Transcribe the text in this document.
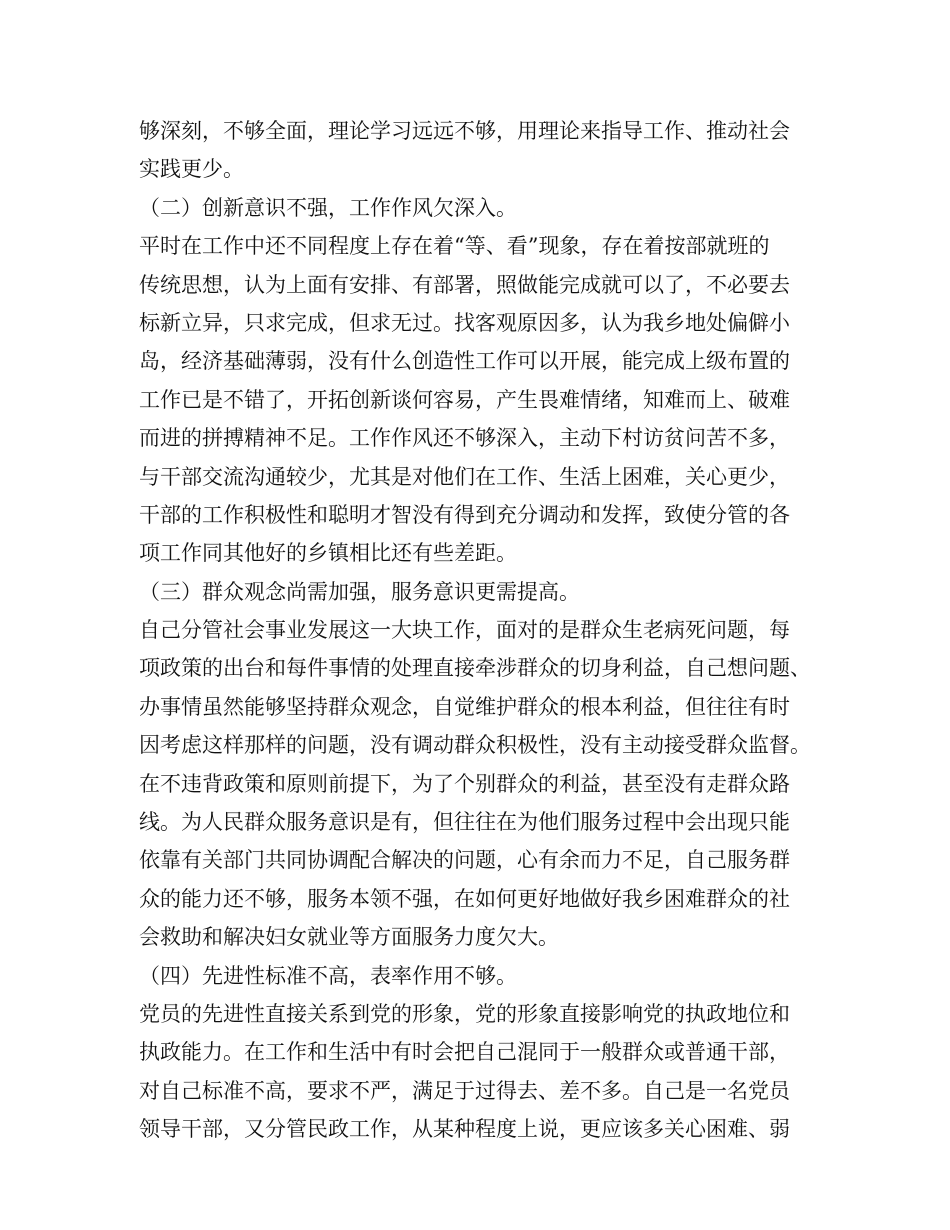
够深刻，不够全面，理论学习远远不够，用理论来指导工作、推动社会
实践更少。
（二）创新意识不强，工作作风欠深入。
平时在工作中还不同程度上存在着“等、看”现象，存在着按部就班的
传统思想，认为上面有安排、有部署，照做能完成就可以了，不必要去
标新立异，只求完成，但求无过。找客观原因多，认为我乡地处偏僻小
岛，经济基础薄弱，没有什么创造性工作可以开展，能完成上级布置的
工作已是不错了，开拓创新谈何容易，产生畏难情绪，知难而上、破难
而进的拼搏精神不足。工作作风还不够深入，主动下村访贫问苦不多，
与干部交流沟通较少，尤其是对他们在工作、生活上困难，关心更少，
干部的工作积极性和聪明才智没有得到充分调动和发挥，致使分管的各
项工作同其他好的乡镇相比还有些差距。
（三）群众观念尚需加强，服务意识更需提高。
自己分管社会事业发展这一大块工作，面对的是群众生老病死问题，每
项政策的出台和每件事情的处理直接牵涉群众的切身利益，自己想问题、
办事情虽然能够坚持群众观念，自觉维护群众的根本利益，但往往有时
因考虑这样那样的问题，没有调动群众积极性，没有主动接受群众监督。
在不违背政策和原则前提下，为了个别群众的利益，甚至没有走群众路
线。为人民群众服务意识是有，但往往在为他们服务过程中会出现只能
依靠有关部门共同协调配合解决的问题，心有余而力不足，自己服务群
众的能力还不够，服务本领不强，在如何更好地做好我乡困难群众的社
会救助和解决妇女就业等方面服务力度欠大。
（四）先进性标准不高，表率作用不够。
党员的先进性直接关系到党的形象，党的形象直接影响党的执政地位和
执政能力。在工作和生活中有时会把自己混同于一般群众或普通干部，
对自己标准不高，要求不严，满足于过得去、差不多。自己是一名党员
领导干部，又分管民政工作，从某种程度上说，更应该多关心困难、弱
